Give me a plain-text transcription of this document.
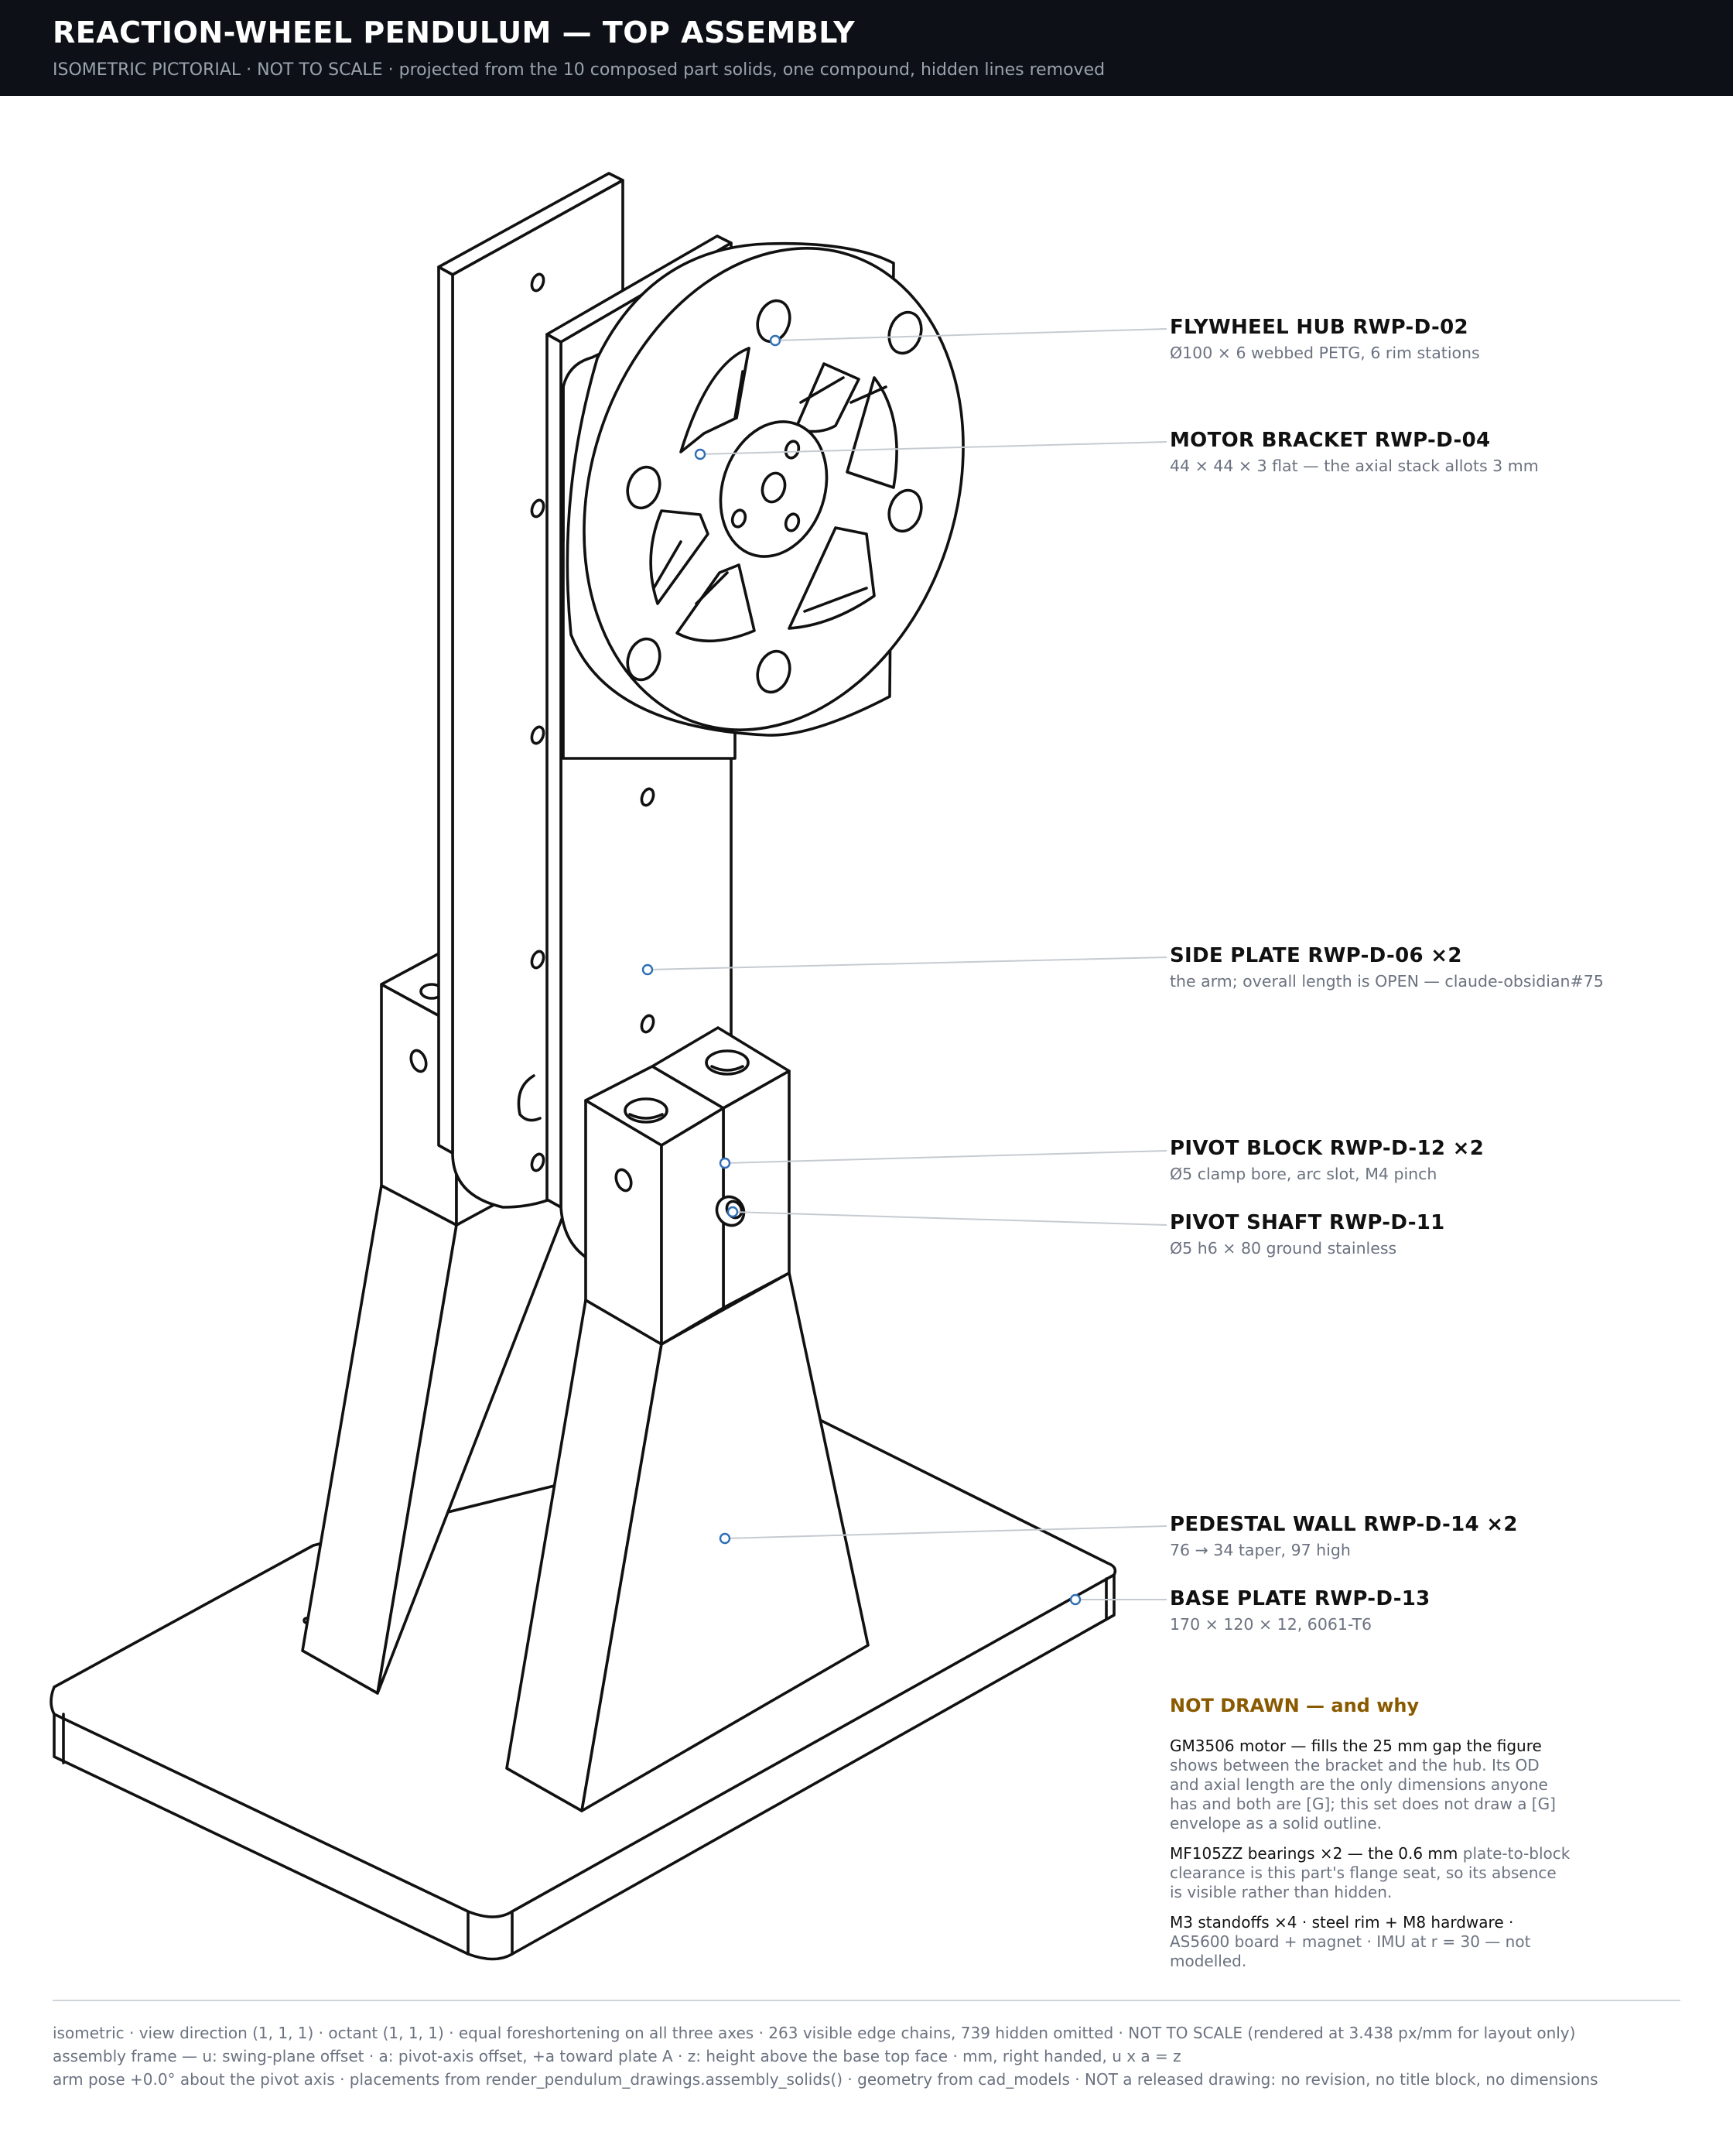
REACTION-WHEEL PENDULUM — TOP ASSEMBLY
ISOMETRIC PICTORIAL · NOT TO SCALE · projected from the 10 composed part solids, one compound, hidden lines removed
FLYWHEEL HUB RWP-D-02
Ø100 × 6 webbed PETG, 6 rim stations
MOTOR BRACKET RWP-D-04
44 × 44 × 3 flat — the axial stack allots 3 mm
SIDE PLATE RWP-D-06 ×2
the arm; overall length is OPEN — claude-obsidian#75
PIVOT BLOCK RWP-D-12 ×2
Ø5 clamp bore, arc slot, M4 pinch
PIVOT SHAFT RWP-D-11
Ø5 h6 × 80 ground stainless
PEDESTAL WALL RWP-D-14 ×2
76 → 34 taper, 97 high
BASE PLATE RWP-D-13
170 × 120 × 12, 6061-T6
NOT DRAWN — and why
GM3506 motor — fills the 25 mm gap the figure shows between the bracket and the hub. Its OD and axial length are the only dimensions anyone has and both are [G]; this set does not draw a [G] envelope as a solid outline.
MF105ZZ bearings ×2 — the 0.6 mm plate-to-block clearance is this part's flange seat, so its absence is visible rather than hidden.
M3 standoffs ×4 · steel rim + M8 hardware · AS5600 board + magnet · IMU at r = 30 — not modelled.
isometric · view direction (1, 1, 1) · octant (1, 1, 1) · equal foreshortening on all three axes · 263 visible edge chains, 739 hidden omitted · NOT TO SCALE (rendered at 3.438 px/mm for layout only)
assembly frame — u: swing-plane offset · a: pivot-axis offset, +a toward plate A · z: height above the base top face · mm, right handed, u x a = z
arm pose +0.0° about the pivot axis · placements from render_pendulum_drawings.assembly_solids() · geometry from cad_models · NOT a released drawing: no revision, no title block, no dimensions
